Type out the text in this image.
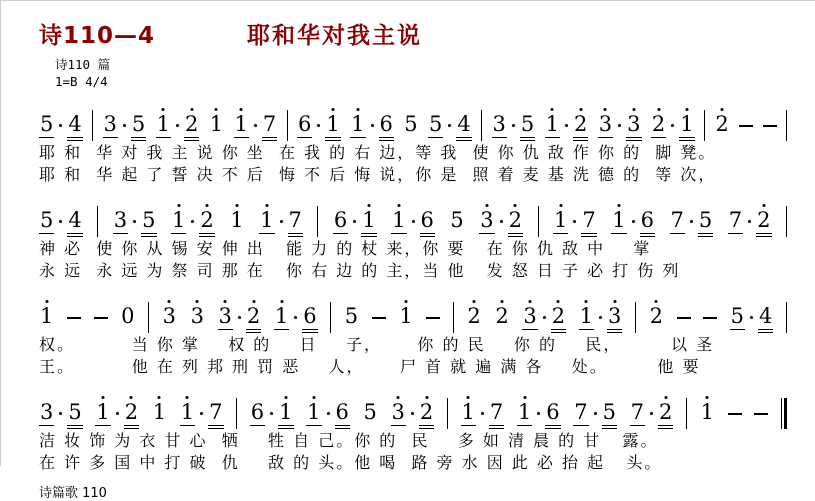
诗110—4	耶和华对我主说
诗110 篇
1=B 4/4
5 4 3 5 1 2 1 1 7 6 1 1 6 5 5 4 3 5 1 2 3 3 2 1 2
耶 和  华 对 我 主 说 你 坐  在 我 的 右 边，等 我  使 你 仇 敌 作 你 的  脚 凳。
耶 和  华 起 了 誓 决 不 后  悔 不 后 悔 说，你 是  照 着 麦 基 洗 德 的  等 次，
5 4 3 5 1 2 1 1 7 6 1 1 6 5 3 2 1 7 1 6 7 5 7 2
神 必  使 你 从 锡 安 伸 出   能 力 的 杖 来，你 要   在 你 仇 敌 中    掌
永 远  永 远 为 祭 司 那 在   你 右 边 的 主，当 他   发 怒 日 子 必 打 伤 列
1	0 3 3 3 2 1 6 5 1	2 2 3 2 1 3 2	5 4
权。        当 你 掌    权 的    日    子，     你 的 民    你 的    民，       以 圣
王。        他 在 列 邦 刑 罚 恶    人，     尸 首 就 遍 满 各    处。       他 要
3 5 1 2 1 1 7 6 1 1 6 5 3 2 1 7 1 6 7 5 7 2 1
洁 妆 饰 为 衣 甘 心  牺    牲 自 己。你 的  民    多 如 清 晨 的 甘   露。
在 许 多 国 中 打 破  仇    敌 的 头。他 喝  路 旁 水 因 此 必 抬 起   头。
诗篇歌 110
